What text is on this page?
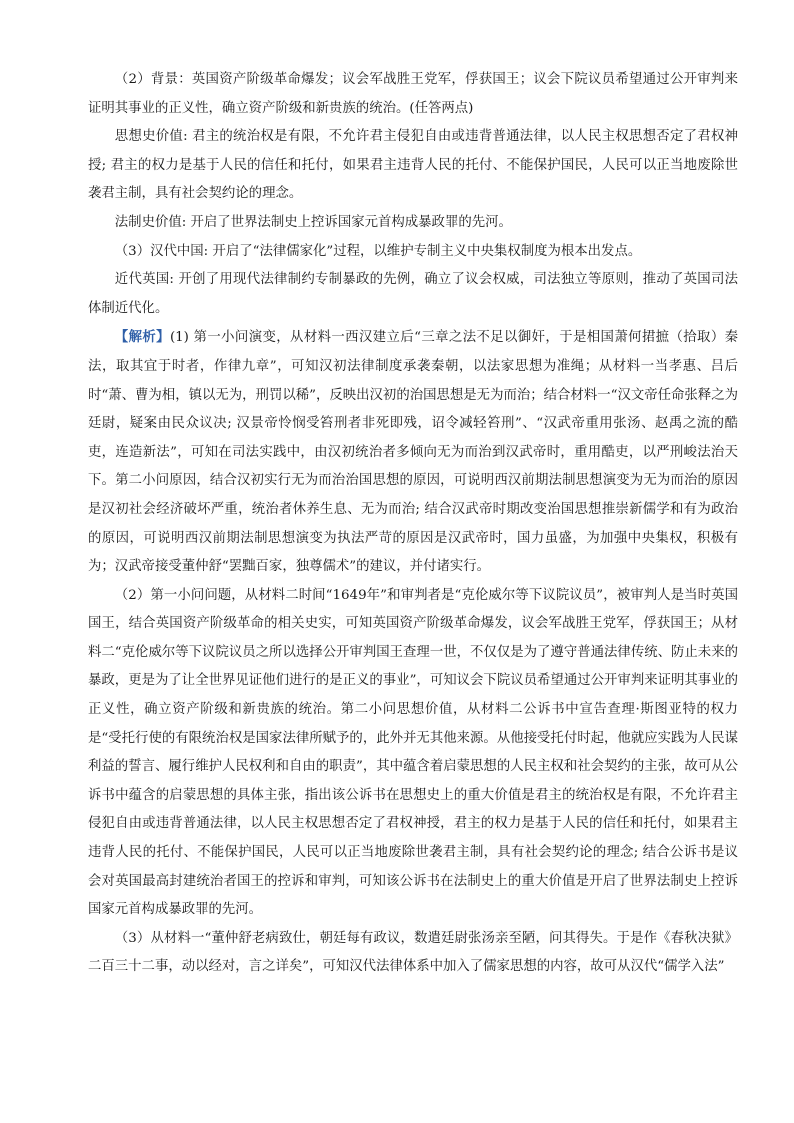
（2）背景：英国资产阶级革命爆发；议会军战胜王党军，俘获国王；议会下院议员希望通过公开审判来证明其事业的正义性，确立资产阶级和新贵族的统治。(任答两点)

思想史价值: 君主的统治权是有限，不允许君主侵犯自由或违背普通法律，以人民主权思想否定了君权神授; 君主的权力是基于人民的信任和托付，如果君主违背人民的托付、不能保护国民，人民可以正当地废除世袭君主制，具有社会契约论的理念。

法制史价值: 开启了世界法制史上控诉国家元首构成暴政罪的先河。

（3）汉代中国: 开启了“法律儒家化”过程，以维护专制主义中央集权制度为根本出发点。

近代英国: 开创了用现代法律制约专制暴政的先例，确立了议会权威，司法独立等原则，推动了英国司法体制近代化。

【解析】(1) 第一小问演变，从材料一西汉建立后“三章之法不足以御奸，于是相国萧何捃摭（拾取）秦法，取其宜于时者，作律九章”，可知汉初法律制度承袭秦朝，以法家思想为准绳；从材料一当孝惠、吕后时“萧、曹为相，镇以无为，刑罚以稀”，反映出汉初的治国思想是无为而治；结合材料一“汉文帝任命张释之为廷尉，疑案由民众议决; 汉景帝怜悯受笞刑者非死即残，诏令减轻笞刑”、“汉武帝重用张汤、赵禹之流的酷吏，连造新法”，可知在司法实践中，由汉初统治者多倾向无为而治到汉武帝时，重用酷吏，以严刑峻法治天下。第二小问原因，结合汉初实行无为而治治国思想的原因，可说明西汉前期法制思想演变为无为而治的原因是汉初社会经济破坏严重，统治者休养生息、无为而治; 结合汉武帝时期改变治国思想推崇新儒学和有为政治的原因，可说明西汉前期法制思想演变为执法严苛的原因是汉武帝时，国力虽盛，为加强中央集权，积极有为；汉武帝接受董仲舒“罢黜百家，独尊儒术”的建议，并付诸实行。

（2）第一小问问题，从材料二时间“1649年”和审判者是“克伦威尔等下议院议员”，被审判人是当时英国国王，结合英国资产阶级革命的相关史实，可知英国资产阶级革命爆发，议会军战胜王党军，俘获国王；从材料二“克伦威尔等下议院议员之所以选择公开审判国王查理一世，不仅仅是为了遵守普通法律传统、防止未来的暴政，更是为了让全世界见证他们进行的是正义的事业”，可知议会下院议员希望通过公开审判来证明其事业的正义性，确立资产阶级和新贵族的统治。第二小问思想价值，从材料二公诉书中宣告查理·斯图亚特的权力是“受托行使的有限统治权是国家法律所赋予的，此外并无其他来源。从他接受托付时起，他就应实践为人民谋利益的誓言、履行维护人民权利和自由的职责”，其中蕴含着启蒙思想的人民主权和社会契约的主张，故可从公诉书中蕴含的启蒙思想的具体主张，指出该公诉书在思想史上的重大价值是君主的统治权是有限，不允许君主侵犯自由或违背普通法律，以人民主权思想否定了君权神授，君主的权力是基于人民的信任和托付，如果君主违背人民的托付、不能保护国民，人民可以正当地废除世袭君主制，具有社会契约论的理念; 结合公诉书是议会对英国最高封建统治者国王的控诉和审判，可知该公诉书在法制史上的重大价值是开启了世界法制史上控诉国家元首构成暴政罪的先河。

（3）从材料一“董仲舒老病致仕，朝廷每有政议，数遣廷尉张汤亲至陋，问其得失。于是作《春秋决狱》二百三十二事，动以经对，言之详矣”，可知汉代法律体系中加入了儒家思想的内容，故可从汉代“儒学入法”
